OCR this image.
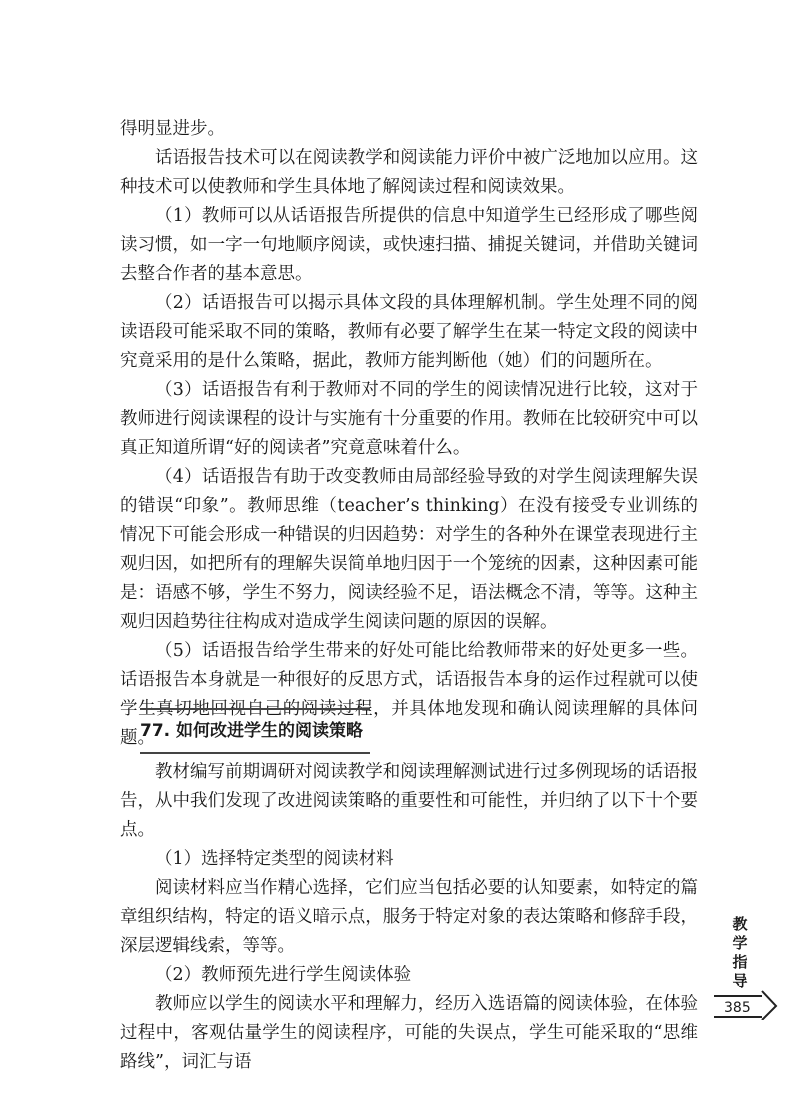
得明显进步。

话语报告技术可以在阅读教学和阅读能力评价中被广泛地加以应用。这种技术可以使教师和学生具体地了解阅读过程和阅读效果。

（1）教师可以从话语报告所提供的信息中知道学生已经形成了哪些阅读习惯，如一字一句地顺序阅读，或快速扫描、捕捉关键词，并借助关键词去整合作者的基本意思。

（2）话语报告可以揭示具体文段的具体理解机制。学生处理不同的阅读语段可能采取不同的策略，教师有必要了解学生在某一特定文段的阅读中究竟采用的是什么策略，据此，教师方能判断他（她）们的问题所在。

（3）话语报告有利于教师对不同的学生的阅读情况进行比较，这对于教师进行阅读课程的设计与实施有十分重要的作用。教师在比较研究中可以真正知道所谓“好的阅读者”究竟意味着什么。

（4）话语报告有助于改变教师由局部经验导致的对学生阅读理解失误的错误“印象”。教师思维（teacher’s thinking）在没有接受专业训练的情况下可能会形成一种错误的归因趋势：对学生的各种外在课堂表现进行主观归因，如把所有的理解失误简单地归因于一个笼统的因素，这种因素可能是：语感不够，学生不努力，阅读经验不足，语法概念不清，等等。这种主观归因趋势往往构成对造成学生阅读问题的原因的误解。

（5）话语报告给学生带来的好处可能比给教师带来的好处更多一些。话语报告本身就是一种很好的反思方式，话语报告本身的运作过程就可以使学生真切地回视自己的阅读过程，并具体地发现和确认阅读理解的具体问题。

77. 如何改进学生的阅读策略

教材编写前期调研对阅读教学和阅读理解测试进行过多例现场的话语报告，从中我们发现了改进阅读策略的重要性和可能性，并归纳了以下十个要点。

（1）选择特定类型的阅读材料

阅读材料应当作精心选择，它们应当包括必要的认知要素，如特定的篇章组织结构，特定的语义暗示点，服务于特定对象的表达策略和修辞手段，深层逻辑线索，等等。

（2）教师预先进行学生阅读体验

教师应以学生的阅读水平和理解力，经历入选语篇的阅读体验，在体验过程中，客观估量学生的阅读程序，可能的失误点，学生可能采取的“思维路线”，词汇与语

教
学
指
导
385
